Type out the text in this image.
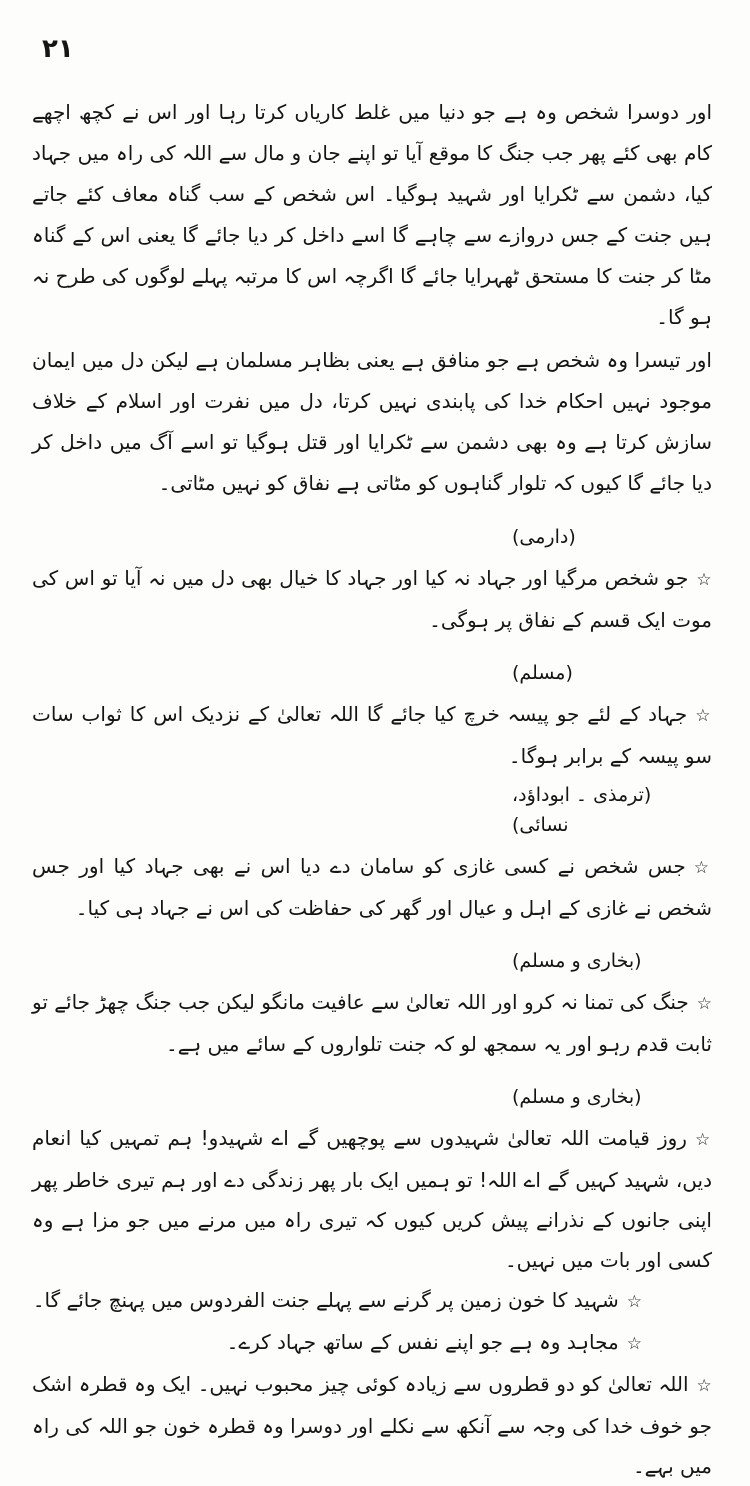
۲۱

اور دوسرا شخص وہ ہے جو دنیا میں غلط کاریاں کرتا رہا اور اس نے کچھ اچھے کام بھی کئے پھر جب جنگ کا موقع آیا تو اپنے جان و مال سے اللہ کی راہ میں جہاد کیا، دشمن سے ٹکرایا اور شہید ہوگیا۔ اس شخص کے سب گناہ معاف کئے جاتے ہیں جنت کے جس دروازے سے چاہے گا اسے داخل کر دیا جائے گا یعنی اس کے گناہ مٹا کر جنت کا مستحق ٹھہرایا جائے گا اگرچہ اس کا مرتبہ پہلے لوگوں کی طرح نہ ہو گا۔

اور تیسرا وہ شخص ہے جو منافق ہے یعنی بظاہر مسلمان ہے لیکن دل میں ایمان موجود نہیں احکام خدا کی پابندی نہیں کرتا، دل میں نفرت اور اسلام کے خلاف سازش کرتا ہے وہ بھی دشمن سے ٹکرایا اور قتل ہوگیا تو اسے آگ میں داخل کر دیا جائے گا کیوں کہ تلوار گناہوں کو مٹاتی ہے نفاق کو نہیں مٹاتی۔

(دارمی)

☆جو شخص مرگیا اور جہاد نہ کیا اور جہاد کا خیال بھی دل میں نہ آیا تو اس کی موت ایک قسم کے نفاق پر ہوگی۔

(مسلم)

☆جہاد کے لئے جو پیسہ خرچ کیا جائے گا اللہ تعالیٰ کے نزدیک اس کا ثواب سات سو پیسہ کے برابر ہوگا۔

(ترمذی ۔ ابوداؤد، نسائی)

☆جس شخص نے کسی غازی کو سامان دے دیا اس نے بھی جہاد کیا اور جس شخص نے غازی کے اہل و عیال اور گھر کی حفاظت کی اس نے جہاد ہی کیا۔

(بخاری و مسلم)

☆جنگ کی تمنا نہ کرو اور اللہ تعالیٰ سے عافیت مانگو لیکن جب جنگ چھڑ جائے تو ثابت قدم رہو اور یہ سمجھ لو کہ جنت تلواروں کے سائے میں ہے۔

(بخاری و مسلم)

☆روز قیامت اللہ تعالیٰ شہیدوں سے پوچھیں گے اے شہیدو! ہم تمہیں کیا انعام دیں، شہید کہیں گے اے اللہ! تو ہمیں ایک بار پھر زندگی دے اور ہم تیری خاطر پھر اپنی جانوں کے نذرانے پیش کریں کیوں کہ تیری راہ میں مرنے میں جو مزا ہے وہ کسی اور بات میں نہیں۔

☆شہید کا خون زمین پر گرنے سے پہلے جنت الفردوس میں پہنچ جائے گا۔

☆مجاہد وہ ہے جو اپنے نفس کے ساتھ جہاد کرے۔

☆اللہ تعالیٰ کو دو قطروں سے زیادہ کوئی چیز محبوب نہیں۔ ایک وہ قطرہ اشک جو خوف خدا کی وجہ سے آنکھ سے نکلے اور دوسرا وہ قطرہ خون جو اللہ کی راہ میں بہے۔
